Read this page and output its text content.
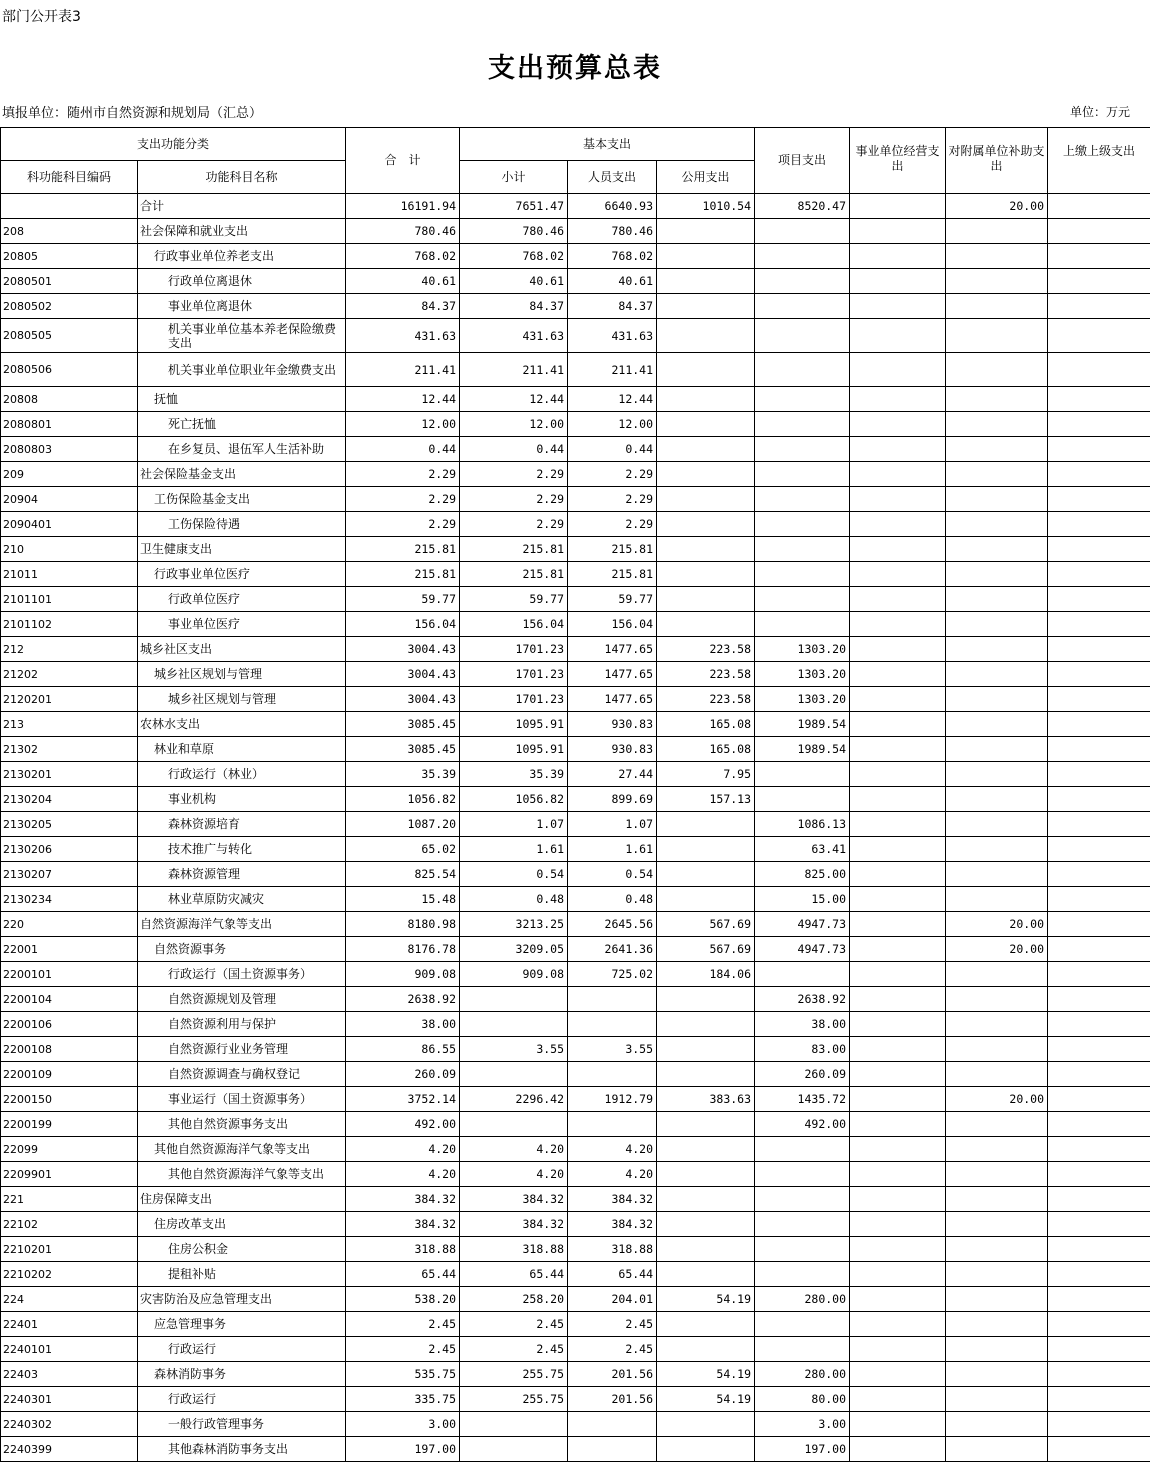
部门公开表3
支出预算总表
填报单位：随州市自然资源和规划局（汇总）	单位：万元
支出功能分类		合　计	基本支出			项目支出	事业单位经营支出	对附属单位补助支出	上缴上级支出
科功能科目编码	功能科目名称		小计	人员支出	公用支出				
	合计	16191.94	7651.47	6640.93	1010.54	8520.47		20.00	
208	社会保障和就业支出	780.46	780.46	780.46					
20805	行政事业单位养老支出	768.02	768.02	768.02					
2080501	行政单位离退休	40.61	40.61	40.61					
2080502	事业单位离退休	84.37	84.37	84.37					
2080505	机关事业单位基本养老保险缴费支出	431.63	431.63	431.63					
2080506	机关事业单位职业年金缴费支出	211.41	211.41	211.41					
20808	抚恤	12.44	12.44	12.44					
2080801	死亡抚恤	12.00	12.00	12.00					
2080803	在乡复员、退伍军人生活补助	0.44	0.44	0.44					
209	社会保险基金支出	2.29	2.29	2.29					
20904	工伤保险基金支出	2.29	2.29	2.29					
2090401	工伤保险待遇	2.29	2.29	2.29					
210	卫生健康支出	215.81	215.81	215.81					
21011	行政事业单位医疗	215.81	215.81	215.81					
2101101	行政单位医疗	59.77	59.77	59.77					
2101102	事业单位医疗	156.04	156.04	156.04					
212	城乡社区支出	3004.43	1701.23	1477.65	223.58	1303.20			
21202	城乡社区规划与管理	3004.43	1701.23	1477.65	223.58	1303.20			
2120201	城乡社区规划与管理	3004.43	1701.23	1477.65	223.58	1303.20			
213	农林水支出	3085.45	1095.91	930.83	165.08	1989.54			
21302	林业和草原	3085.45	1095.91	930.83	165.08	1989.54			
2130201	行政运行（林业）	35.39	35.39	27.44	7.95				
2130204	事业机构	1056.82	1056.82	899.69	157.13				
2130205	森林资源培育	1087.20	1.07	1.07		1086.13			
2130206	技术推广与转化	65.02	1.61	1.61		63.41			
2130207	森林资源管理	825.54	0.54	0.54		825.00			
2130234	林业草原防灾减灾	15.48	0.48	0.48		15.00			
220	自然资源海洋气象等支出	8180.98	3213.25	2645.56	567.69	4947.73		20.00	
22001	自然资源事务	8176.78	3209.05	2641.36	567.69	4947.73		20.00	
2200101	行政运行（国土资源事务）	909.08	909.08	725.02	184.06				
2200104	自然资源规划及管理	2638.92				2638.92			
2200106	自然资源利用与保护	38.00				38.00			
2200108	自然资源行业业务管理	86.55	3.55	3.55		83.00			
2200109	自然资源调查与确权登记	260.09				260.09			
2200150	事业运行（国土资源事务）	3752.14	2296.42	1912.79	383.63	1435.72		20.00	
2200199	其他自然资源事务支出	492.00				492.00			
22099	其他自然资源海洋气象等支出	4.20	4.20	4.20					
2209901	其他自然资源海洋气象等支出	4.20	4.20	4.20					
221	住房保障支出	384.32	384.32	384.32					
22102	住房改革支出	384.32	384.32	384.32					
2210201	住房公积金	318.88	318.88	318.88					
2210202	提租补贴	65.44	65.44	65.44					
224	灾害防治及应急管理支出	538.20	258.20	204.01	54.19	280.00			
22401	应急管理事务	2.45	2.45	2.45					
2240101	行政运行	2.45	2.45	2.45					
22403	森林消防事务	535.75	255.75	201.56	54.19	280.00			
2240301	行政运行	335.75	255.75	201.56	54.19	80.00			
2240302	一般行政管理事务	3.00				3.00			
2240399	其他森林消防事务支出	197.00				197.00			
